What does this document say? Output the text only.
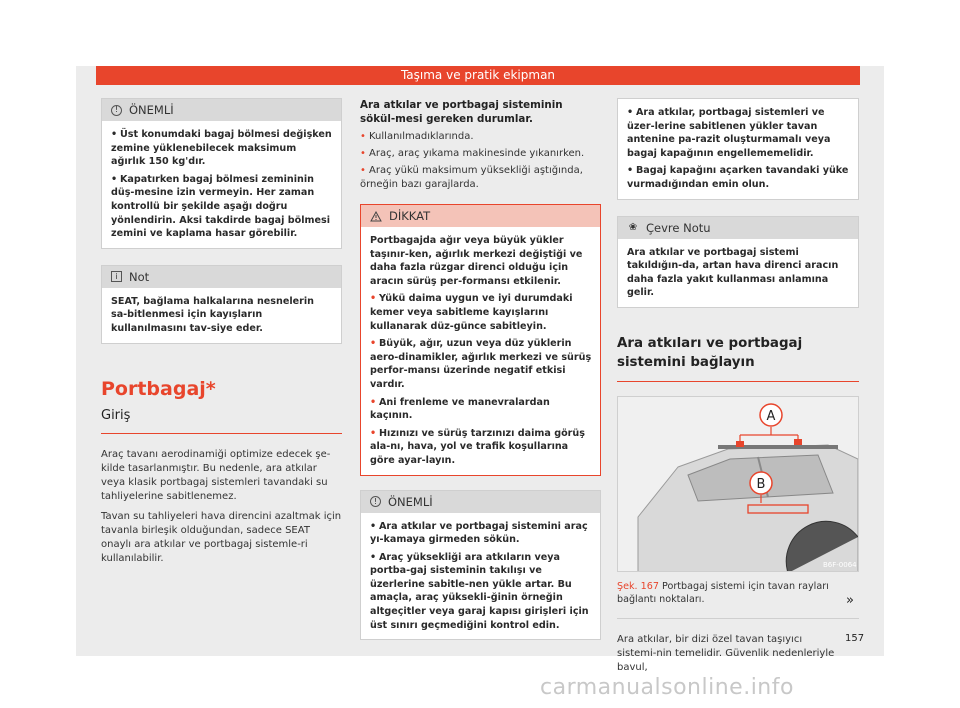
Taşıma ve pratik ekipman
! ÖNEMLİ

• Üst konumdaki bagaj bölmesi değişken zemine yüklenebilecek maksimum ağırlık 150 kg'dır.

• Kapatırken bagaj bölmesi zemininin düş-mesine izin vermeyin. Her zaman kontrollü bir şekilde aşağı doğru yönlendirin. Aksi takdirde bagaj bölmesi zemini ve kaplama hasar görebilir.

i Not

SEAT, bağlama halkalarına nesnelerin sa-bitlenmesi için kayışların kullanılmasını tav-siye eder.

Portbagaj*
Giriş

Araç tavanı aerodinamiği optimize edecek şe-kilde tasarlanmıştır. Bu nedenle, ara atkılar veya klasik portbagaj sistemleri tavandaki su tahliyelerine sabitlenemez.

Tavan su tahliyeleri hava direncini azaltmak için tavanla birleşik olduğundan, sadece SEAT onaylı ara atkılar ve portbagaj sistemle-ri kullanılabilir.

Ara atkılar ve portbagaj sisteminin sökül-mesi gereken durumlar.
• Kullanılmadıklarında.
• Araç, araç yıkama makinesinde yıkanırken.
• Araç yükü maksimum yüksekliği aştığında, örneğin bazı garajlarda.
DİKKAT

Portbagajda ağır veya büyük yükler taşınır-ken, ağırlık merkezi değiştiği ve daha fazla rüzgar direnci olduğu için aracın sürüş per-formansı etkilenir.

• Yükü daima uygun ve iyi durumdaki kemer veya sabitleme kayışlarını kullanarak düz-günce sabitleyin.

• Büyük, ağır, uzun veya düz yüklerin aero-dinamikler, ağırlık merkezi ve sürüş perfor-mansı üzerinde negatif etkisi vardır.

• Ani frenleme ve manevralardan kaçının.

• Hızınızı ve sürüş tarzınızı daima görüş ala-nı, hava, yol ve trafik koşullarına göre ayar-layın.

! ÖNEMLİ

• Ara atkılar ve portbagaj sistemini araç yı-kamaya girmeden sökün.

• Araç yüksekliği ara atkıların veya portba-gaj sisteminin takılışı ve üzerlerine sabitle-nen yükle artar. Bu amaçla, araç yüksekli-ğinin örneğin altgeçitler veya garaj kapısı girişleri için üst sınırı geçmediğini kontrol edin.

• Ara atkılar, portbagaj sistemleri ve üzer-lerine sabitlenen yükler tavan antenine pa-razit oluşturmamalı veya bagaj kapağının engellememelidir.

• Bagaj kapağını açarken tavandaki yüke vurmadığından emin olun.

❀ Çevre Notu

Ara atkılar ve portbagaj sistemi takıldığın-da, artan hava direnci aracın daha fazla yakıt kullanması anlamına gelir.

Ara atkıları ve portbagaj sistemini bağlayın
A
B
B6F-0064
Şek. 167 Portbagaj sistemi için tavan rayları bağlantı noktaları.

Ara atkılar, bir dizi özel tavan taşıyıcı sistemi-nin temelidir. Güvenlik nedenleriyle bavul,

»
157
carmanualsonline.info
